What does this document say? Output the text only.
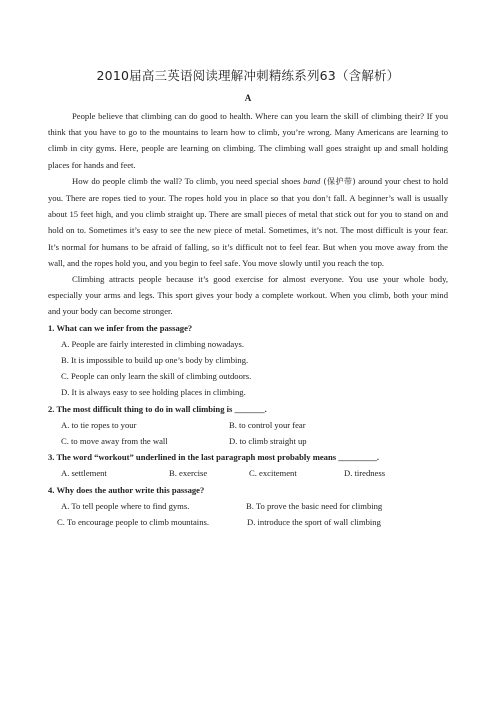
2010届高三英语阅读理解冲刺精练系列63（含解析）
A

People believe that climbing can do good to health. Where can you learn the skill of climbing their? If you think that you have to go to the mountains to learn how to climb, you’re wrong. Many Americans are learning to climb in city gyms. Here, people are learning on climbing. The climbing wall goes straight up and small holding places for hands and feet.

How do people climb the wall? To climb, you need special shoes band (保护带) around your chest to hold you. There are ropes tied to your. The ropes hold you in place so that you don’t fall. A beginner’s wall is usually about 15 feet high, and you climb straight up. There are small pieces of metal that stick out for you to stand on and hold on to. Sometimes it’s easy to see the new piece of metal. Sometimes, it’s not. The most difficult is your fear. It’s normal for humans to be afraid of falling, so it’s difficult not to feel fear. But when you move away from the wall, and the ropes hold you, and you begin to feel safe. You move slowly until you reach the top.

Climbing attracts people because it’s good exercise for almost everyone. You use your whole body, especially your arms and legs. This sport gives your body a complete workout. When you climb, both your mind and your body can become stronger.

1. What can we infer from the passage?
A. People are fairly interested in climbing nowadays.
B. It is impossible to build up one’s body by climbing.
C. People can only learn the skill of climbing outdoors.
D. It is always easy to see holding places in climbing.
2. The most difficult thing to do in wall climbing is _______.
A. to tie ropes to your	B. to control your fear
C. to move away from the wall	D. to climb straight up
3. The word “workout” underlined in the last paragraph most probably means _________.
A. settlement	B. exercise	C. excitement	D. tiredness
4. Why does the author write this passage?
A. To tell people where to find gyms.	B. To prove the basic need for climbing
C. To encourage people to climb mountains.	D. introduce the sport of wall climbing
